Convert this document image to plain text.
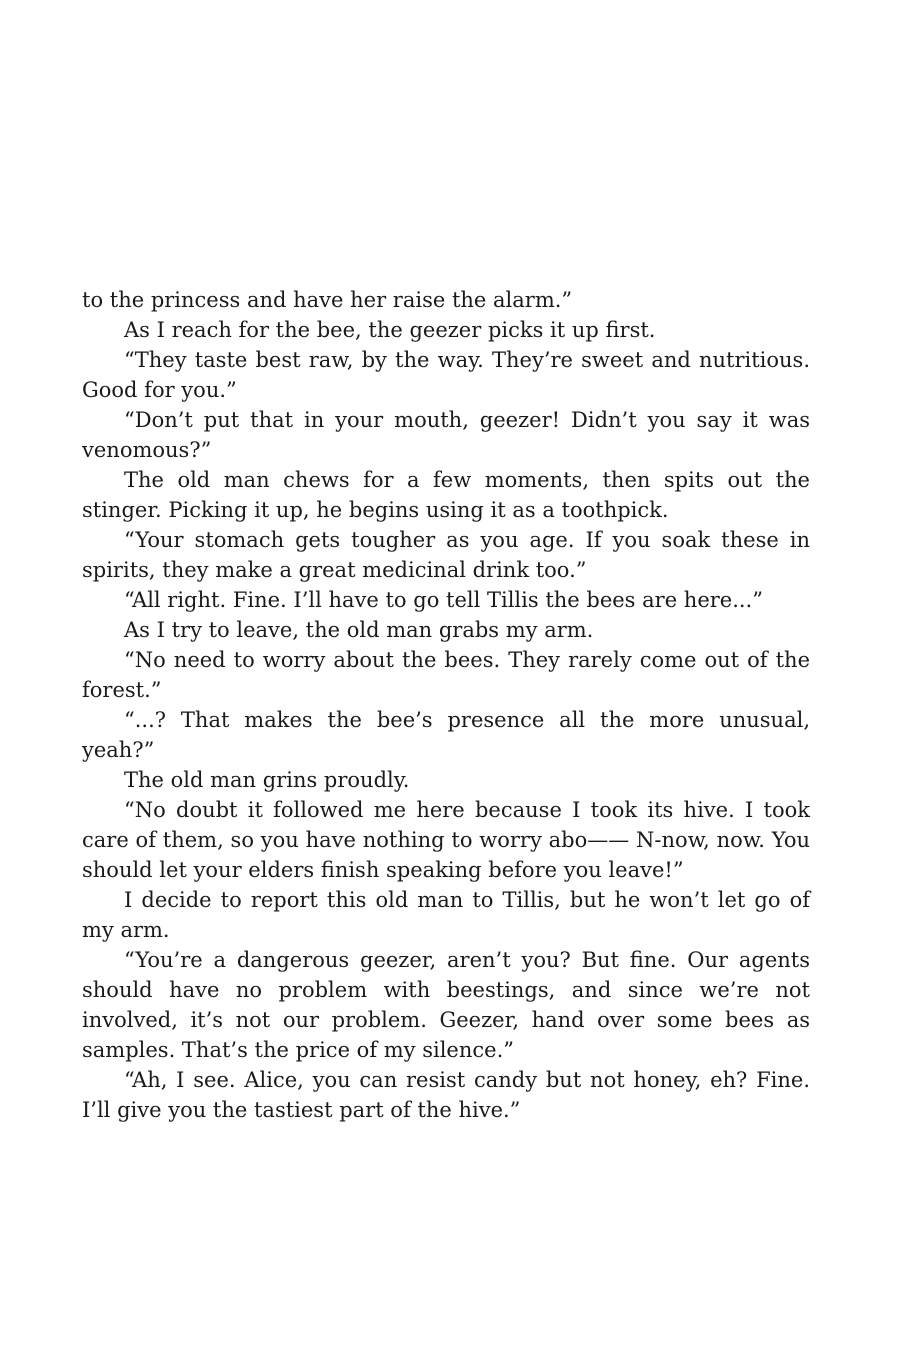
to the princess and have her raise the alarm.”

As I reach for the bee, the geezer picks it up first.

“They taste best raw, by the way. They’re sweet and nutritious. Good for you.”

“Don’t put that in your mouth, geezer! Didn’t you say it was venomous?”

The old man chews for a few moments, then spits out the stinger. Picking it up, he begins using it as a toothpick.

“Your stomach gets tougher as you age. If you soak these in spirits, they make a great medicinal drink too.”

“All right. Fine. I’ll have to go tell Tillis the bees are here...”

As I try to leave, the old man grabs my arm.

“No need to worry about the bees. They rarely come out of the forest.”

“...? That makes the bee’s presence all the more unusual, yeah?”

The old man grins proudly.

“No doubt it followed me here because I took its hive. I took care of them, so you have nothing to worry abo—— N-now, now. You should let your elders finish speaking before you leave!”

I decide to report this old man to Tillis, but he won’t let go of my arm.

“You’re a dangerous geezer, aren’t you? But fine. Our agents should have no problem with beestings, and since we’re not involved, it’s not our problem. Geezer, hand over some bees as samples. That’s the price of my silence.”

“Ah, I see. Alice, you can resist candy but not honey, eh? Fine. I’ll give you the tastiest part of the hive.”
